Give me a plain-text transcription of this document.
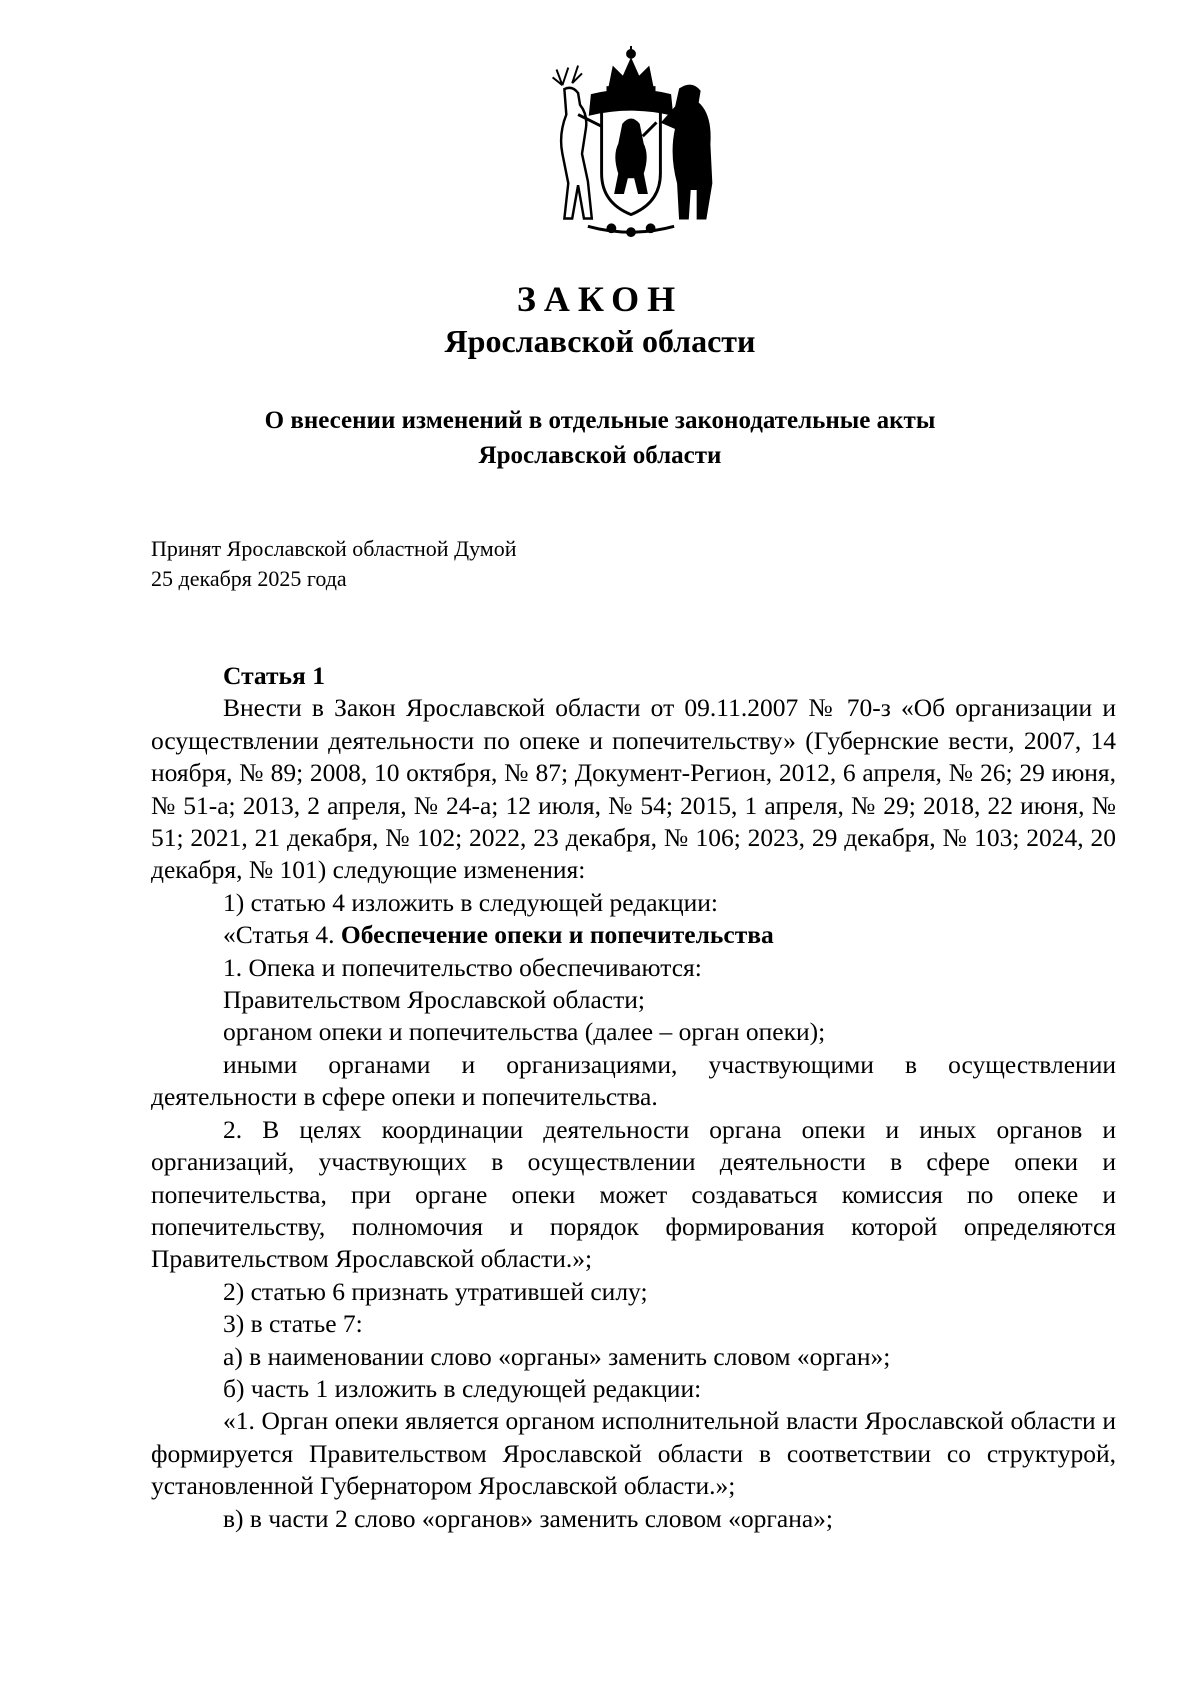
ЗАКОН
Ярославской области
О внесении изменений в отдельные законодательные акты
Ярославской области
Принят Ярославской областной Думой
25 декабря 2025 года

Статья 1

Внести в Закон Ярославской области от 09.11.2007 № 70-з «Об организации и осуществлении деятельности по опеке и попечительству» (Губернские вести, 2007, 14 ноября, № 89; 2008, 10 октября, № 87; Документ-Регион, 2012, 6 апреля, № 26; 29 июня, № 51-а; 2013, 2 апреля, № 24-а; 12 июля, № 54; 2015, 1 апреля, № 29; 2018, 22 июня, № 51; 2021, 21 декабря, № 102; 2022, 23 декабря, № 106; 2023, 29 декабря, № 103; 2024, 20 декабря, № 101) следующие изменения:

1) статью 4 изложить в следующей редакции:

«Статья 4. Обеспечение опеки и попечительства

1. Опека и попечительство обеспечиваются:

Правительством Ярославской области;

органом опеки и попечительства (далее – орган опеки);

иными органами и организациями, участвующими в осуществлении деятельности в сфере опеки и попечительства.

2. В целях координации деятельности органа опеки и иных органов и организаций, участвующих в осуществлении деятельности в сфере опеки и попечительства, при органе опеки может создаваться комиссия по опеке и попечительству, полномочия и порядок формирования которой определяются Правительством Ярославской области.»;

2) статью 6 признать утратившей силу;

3) в статье 7:

а) в наименовании слово «органы» заменить словом «орган»;

б) часть 1 изложить в следующей редакции:

«1. Орган опеки является органом исполнительной власти Ярославской области и формируется Правительством Ярославской области в соответствии со структурой, установленной Губернатором Ярославской области.»;

в) в части 2 слово «органов» заменить словом «органа»;
